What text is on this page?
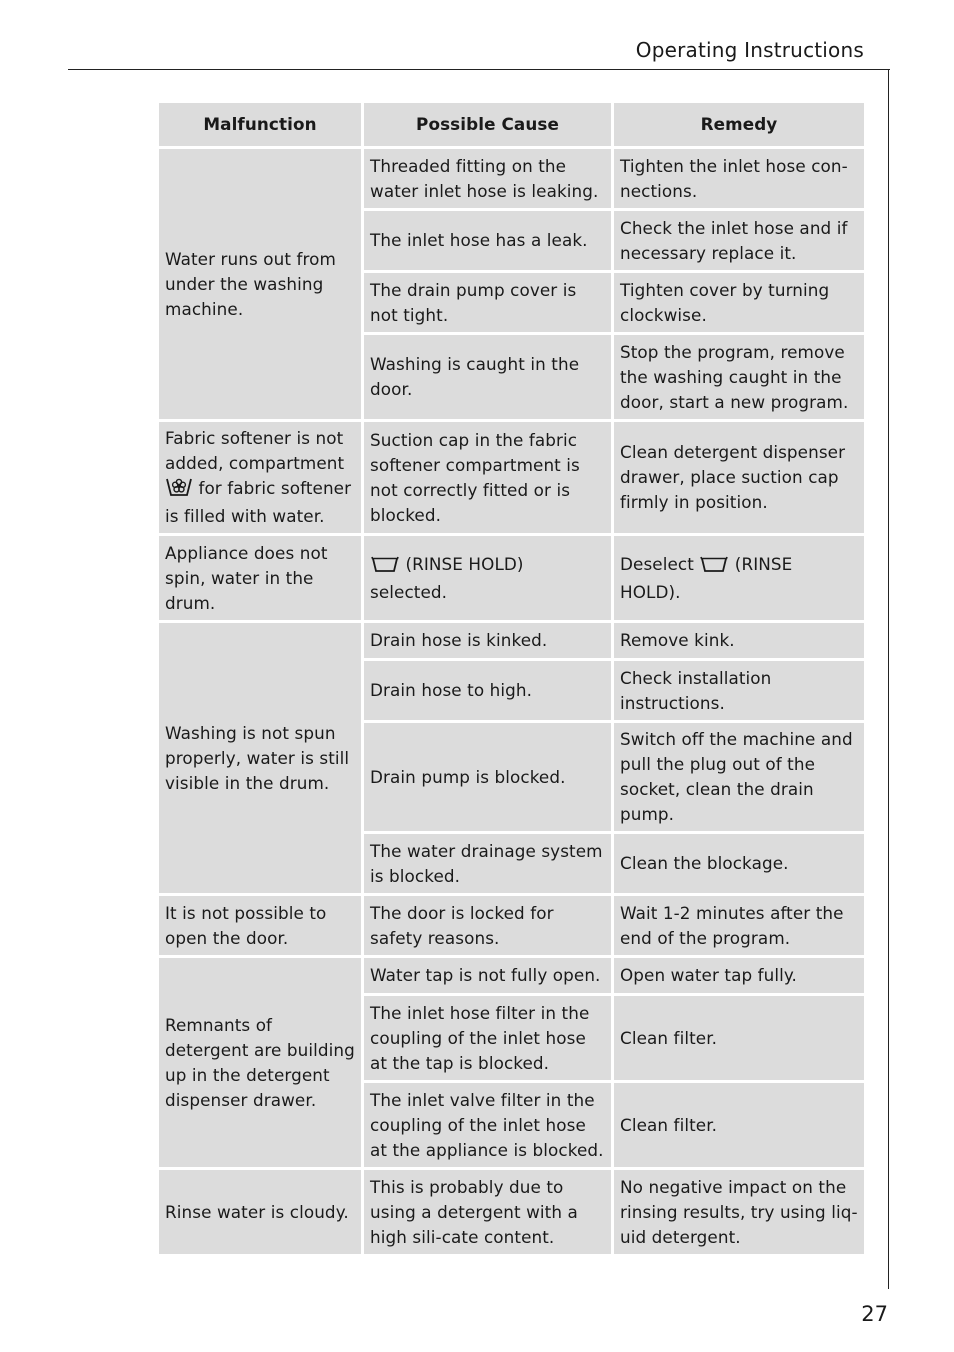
Operating Instructions
Malfunction	Possible Cause	Remedy
Water runs out from under the washing machine.	Threaded fitting on the water inlet hose is leaking.	Tighten the inlet hose con-nections.
	The inlet hose has a leak.	Check the inlet hose and if necessary replace it.
	The drain pump cover is not tight.	Tighten cover by turning clockwise.
	Washing is caught in the door.	Stop the program, remove the washing caught in the door, start a new program.
Fabric softener is not added, compartment  for fabric softener is filled with water.	Suction cap in the fabric softener compartment is not correctly fitted or is blocked.	Clean detergent dispenser drawer, place suction cap firmly in position.
Appliance does not spin, water in the drum.	(RINSE HOLD) selected.	Deselect (RINSE HOLD).
Washing is not spun properly, water is still visible in the drum.	Drain hose is kinked.	Remove kink.
	Drain hose to high.	Check installation instructions.
	Drain pump is blocked.	Switch off the machine and pull the plug out of the socket, clean the drain pump.
	The water drainage system is blocked.	Clean the blockage.
It is not possible to open the door.	The door is locked for safety reasons.	Wait 1-2 minutes after the end of the program.
Remnants of detergent are building up in the detergent dispenser drawer.	Water tap is not fully open.	Open water tap fully.
	The inlet hose filter in the coupling of the inlet hose at the tap is blocked.	Clean filter.
	The inlet valve filter in the coupling of the inlet hose at the appliance is blocked.	Clean filter.
Rinse water is cloudy.	This is probably due to using a detergent with a high sili-cate content.	No negative impact on the rinsing results, try using liq-uid detergent.
27
